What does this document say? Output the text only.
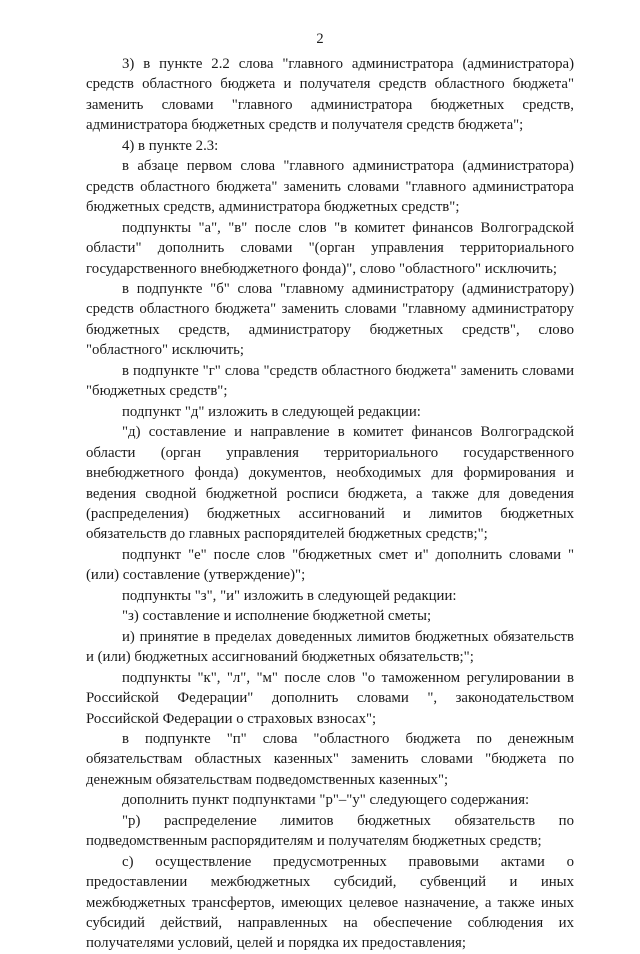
2

3) в пункте 2.2 слова "главного администратора (администратора) средств областного бюджета и получателя средств областного бюджета" заменить словами "главного администратора бюджетных средств, администратора бюджетных средств и получателя средств бюджета";

4) в пункте 2.3:

в абзаце первом слова "главного администратора (администратора) средств областного бюджета" заменить словами "главного администратора бюджетных средств, администратора бюджетных средств";

подпункты "а", "в" после слов "в комитет финансов Волгоградской области" дополнить словами "(орган управления территориального государственного внебюджетного фонда)", слово "областного" исключить;

в подпункте "б" слова "главному администратору (администратору) средств областного бюджета" заменить словами "главному администратору бюджетных средств, администратору бюджетных средств", слово "областного" исключить;

в подпункте "г" слова "средств областного бюджета" заменить словами "бюджетных средств";

подпункт "д" изложить в следующей редакции:

"д) составление и направление в комитет финансов Волгоградской области (орган управления территориального государственного внебюджетного фонда) документов, необходимых для формирования и ведения сводной бюджетной росписи бюджета, а также для доведения (распределения) бюджетных ассигнований и лимитов бюджетных обязательств до главных распорядителей бюджетных средств;";

подпункт "е" после слов "бюджетных смет и" дополнить словами "(или) составление (утверждение)";

подпункты "з", "и" изложить в следующей редакции:

"з) составление и исполнение бюджетной сметы;

и) принятие в пределах доведенных лимитов бюджетных обязательств и (или) бюджетных ассигнований бюджетных обязательств;";

подпункты "к", "л", "м" после слов "о таможенном регулировании в Российской Федерации" дополнить словами ", законодательством Российской Федерации о страховых взносах";

в подпункте "п" слова "областного бюджета по денежным обязательствам областных казенных" заменить словами "бюджета по денежным обязательствам подведомственных казенных";

дополнить пункт подпунктами "р"–"у" следующего содержания:

"р) распределение лимитов бюджетных обязательств по подведомственным распорядителям и получателям бюджетных средств;

с) осуществление предусмотренных правовыми актами о предоставлении межбюджетных субсидий, субвенций и иных межбюджетных трансфертов, имеющих целевое назначение, а также иных субсидий действий, направленных на обеспечение соблюдения их получателями условий, целей и порядка их предоставления;
